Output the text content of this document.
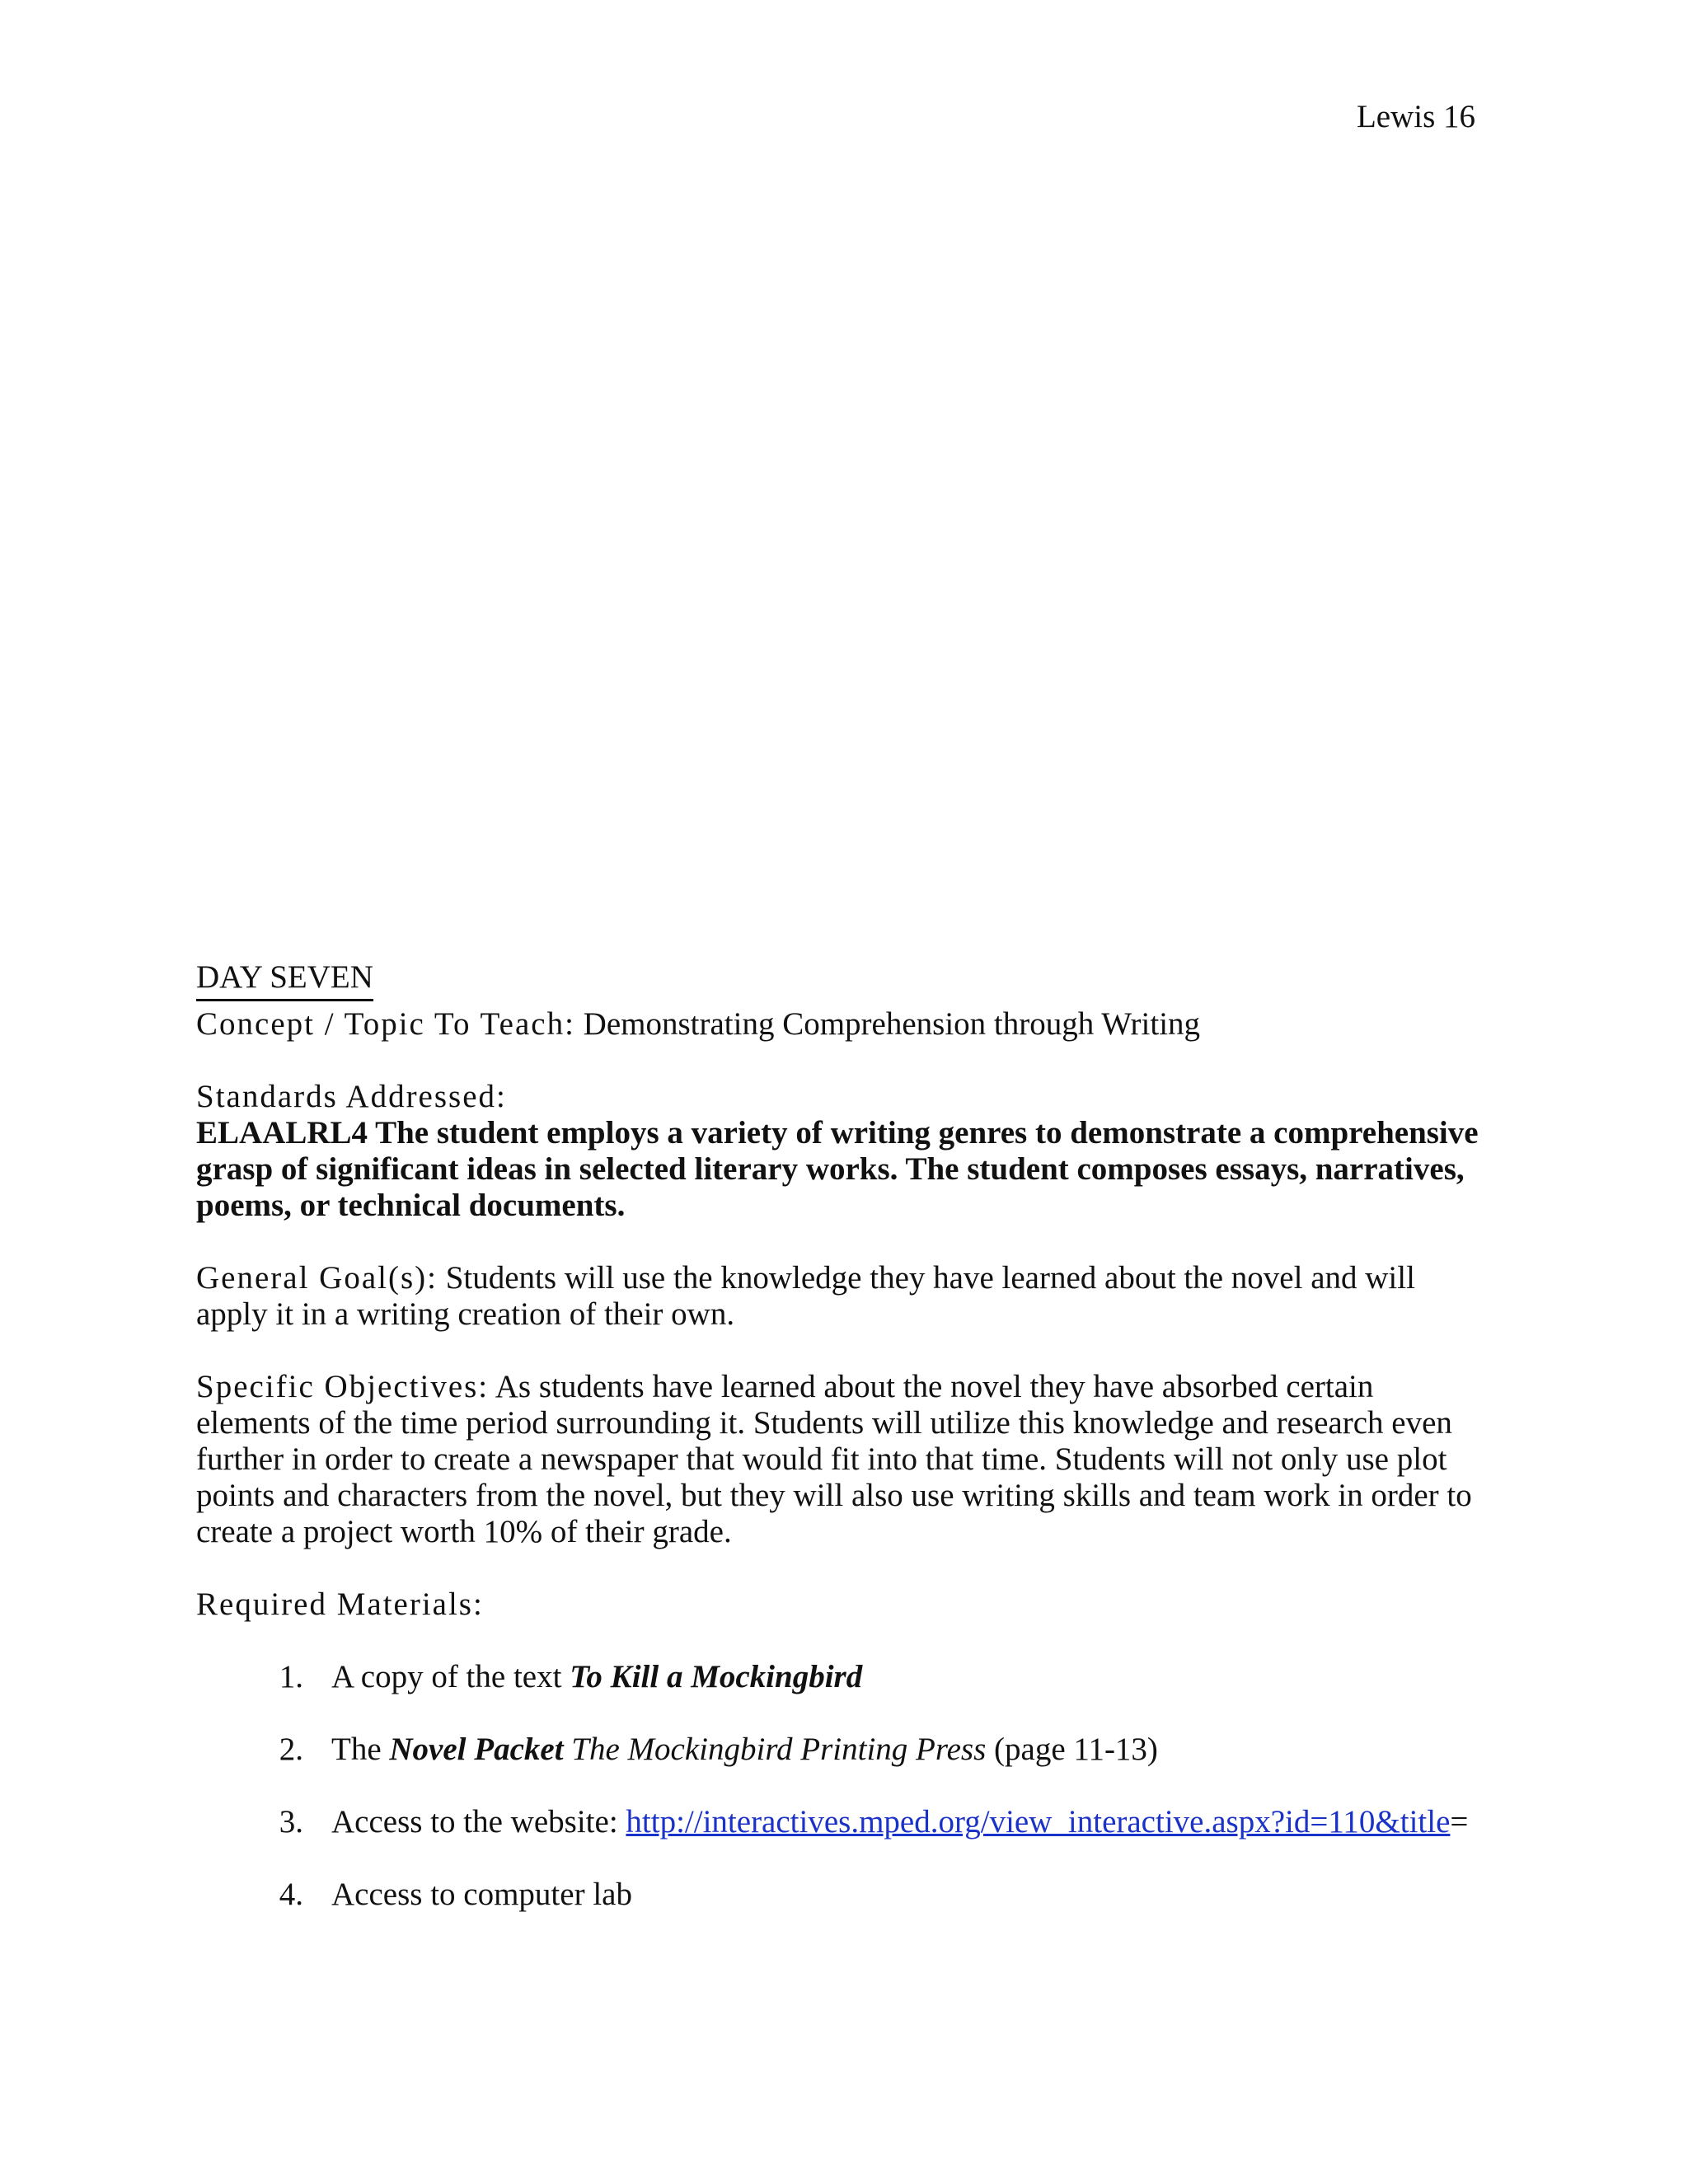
Lewis 16
DAY SEVEN

Concept / Topic To Teach: Demonstrating Comprehension through Writing

Standards Addressed:

ELAALRL4 The student employs a variety of writing genres to demonstrate a comprehensive grasp of significant ideas in selected literary works. The student composes essays, narratives, poems, or technical documents.

General Goal(s): Students will use the knowledge they have learned about the novel and will apply it in a writing creation of their own.

Specific Objectives: As students have learned about the novel they have absorbed certain elements of the time period surrounding it. Students will utilize this knowledge and research even further in order to create a newspaper that would fit into that time. Students will not only use plot points and characters from the novel, but they will also use writing skills and team work in order to create a project worth 10% of their grade.

Required Materials:

1. A copy of the text To Kill a Mockingbird
2. The Novel Packet The Mockingbird Printing Press (page 11-13)
3. Access to the website: http://interactives.mped.org/view_interactive.aspx?id=110&title=
4. Access to computer lab
